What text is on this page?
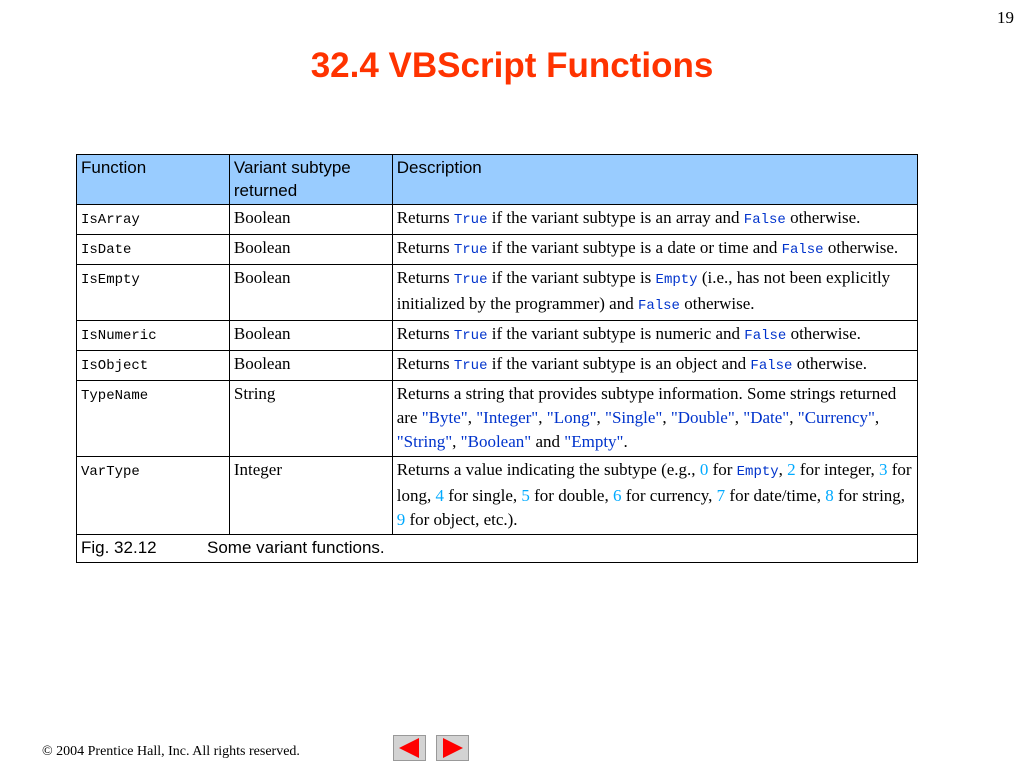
19
32.4 VBScript Functions
Function	Variant subtype returned	Description
IsArray	Boolean	Returns True if the variant subtype is an array and False otherwise.
IsDate	Boolean	Returns True if the variant subtype is a date or time and False otherwise.
IsEmpty	Boolean	Returns True if the variant subtype is Empty (i.e., has not been explicitly initialized by the programmer) and False otherwise.
IsNumeric	Boolean	Returns True if the variant subtype is numeric and False otherwise.
IsObject	Boolean	Returns True if the variant subtype is an object and False otherwise.
TypeName	String	Returns a string that provides subtype information. Some strings returned are "Byte", "Integer", "Long", "Single", "Double", "Date", "Currency", "String", "Boolean" and "Empty".
VarType	Integer	Returns a value indicating the subtype (e.g., 0 for Empty, 2 for integer, 3 for long, 4 for single, 5 for double, 6 for currency, 7 for date/time, 8 for string, 9 for object, etc.).
Fig. 32.12 Some variant functions.		
© 2004 Prentice Hall, Inc. All rights reserved.
